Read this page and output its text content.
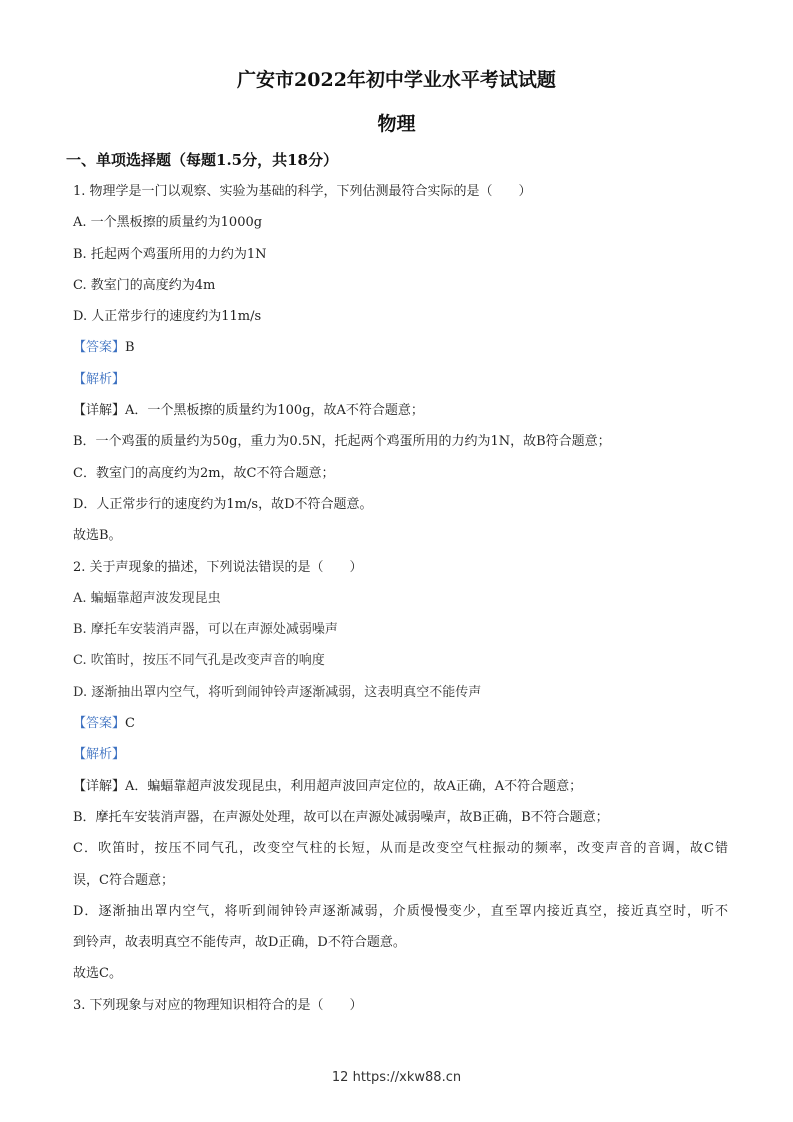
广安市2022年初中学业水平考试试题
物理
一、单项选择题（每题1.5分，共18分）
1. 物理学是一门以观察、实验为基础的科学，下列估测最符合实际的是（　　）
A. 一个黑板擦的质量约为1000g
B. 托起两个鸡蛋所用的力约为1N
C. 教室门的高度约为4m
D. 人正常步行的速度约为11m/s
【答案】B
【解析】
【详解】A．一个黑板擦的质量约为100g，故A不符合题意；
B．一个鸡蛋的质量约为50g，重力为0.5N，托起两个鸡蛋所用的力约为1N，故B符合题意；
C．教室门的高度约为2m，故C不符合题意；
D．人正常步行的速度约为1m/s，故D不符合题意。
故选B。
2. 关于声现象的描述，下列说法错误的是（　　）
A. 蝙蝠靠超声波发现昆虫
B. 摩托车安装消声器，可以在声源处减弱噪声
C. 吹笛时，按压不同气孔是改变声音的响度
D. 逐渐抽出罩内空气，将听到闹钟铃声逐渐减弱，这表明真空不能传声
【答案】C
【解析】
【详解】A．蝙蝠靠超声波发现昆虫，利用超声波回声定位的，故A正确，A不符合题意；
B．摩托车安装消声器，在声源处处理，故可以在声源处减弱噪声，故B正确，B不符合题意；
C．吹笛时，按压不同气孔，改变空气柱的长短，从而是改变空气柱振动的频率，改变声音的音调，故C错
误，C符合题意；
D．逐渐抽出罩内空气，将听到闹钟铃声逐渐减弱，介质慢慢变少，直至罩内接近真空，接近真空时，听不
到铃声，故表明真空不能传声，故D正确，D不符合题意。
故选C。
3. 下列现象与对应的物理知识相符合的是（　　）
12 https://xkw88.cn
